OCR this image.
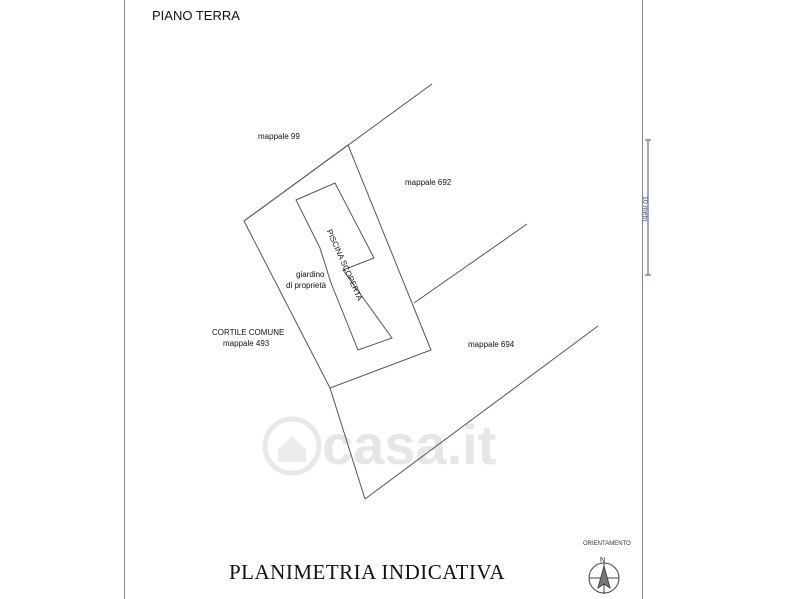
PIANO TERRA
casa.it
mappale 99
mappale 692
PISCINA SCOPERTA
giardino
di proprietà
CORTILE COMUNE
mappale 493	mappale 694
10 metri
PLANIMETRIA INDICATIVA
ORIENTAMENTO
N
